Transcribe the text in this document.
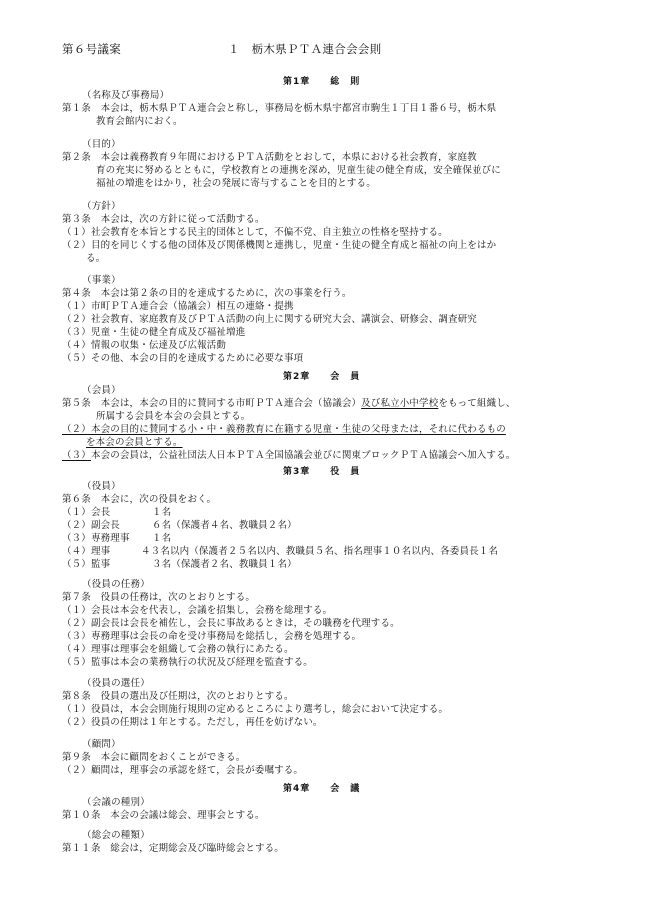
第６号議案	１　栃木県ＰＴＡ連合会会則
第1章　　総　則
（名称及び事務局）
第１条　本会は，栃木県ＰＴＡ連合会と称し，事務局を栃木県宇都宮市駒生１丁目１番６号，栃木県
教育会館内におく。
（目的）
第２条　本会は義務教育９年間におけるＰＴＡ活動をとおして，本県における社会教育，家庭教
育の充実に努めるとともに，学校教育との連携を深め，児童生徒の健全育成，安全確保並びに
福祉の増進をはかり，社会の発展に寄与することを目的とする。
（方針）
第３条　本会は，次の方針に従って活動する。
（１）社会教育を本旨とする民主的団体として，不偏不党、自主独立の性格を堅持する。
（２）目的を同じくする他の団体及び関係機関と連携し，児童・生徒の健全育成と福祉の向上をはか
る。
（事業）
第４条　本会は第２条の目的を達成するために，次の事業を行う。
（１）市町ＰＴＡ連合会（協議会）相互の連絡・提携
（２）社会教育、家庭教育及びＰＴＡ活動の向上に関する研究大会、講演会、研修会、調査研究
（３）児童・生徒の健全育成及び福祉増進
（４）情報の収集・伝達及び広報活動
（５）その他、本会の目的を達成するために必要な事項
第2章　　会　員
（会員）
第５条　本会は，本会の目的に賛同する市町ＰＴＡ連合会（協議会）及び私立小中学校をもって組織し、
所属する会員を本会の会員とする。
（２）本会の目的に賛同する小・中・義務教育に在籍する児童・生徒の父母または，それに代わるもの
を本会の会員とする。
（３）本会の会員は，公益社団法人日本ＰＴＡ全国協議会並びに関東ブロックＰＴＡ協議会へ加入する。
第3章　　役　員
（役員）
第６条　本会に，次の役員をおく。
（１）会長	１名
（２）副会長	６名（保護者４名、教職員２名）
（３）専務理事 １名
（４）理事	４３名以内（保護者２５名以内、教職員５名、指名理事１０名以内、各委員長１名
（５）監事	３名（保護者２名、教職員１名）
（役員の任務）
第７条　役員の任務は，次のとおりとする。
（１）会長は本会を代表し，会議を招集し，会務を総理する。
（２）副会長は会長を補佐し，会長に事故あるときは，その職務を代理する。
（３）専務理事は会長の命を受け事務局を総括し，会務を処理する。
（４）理事は理事会を組織して会務の執行にあたる。
（５）監事は本会の業務執行の状況及び経理を監査する。
（役員の選任）
第８条　役員の選出及び任期は，次のとおりとする。
（１）役員は，本会会則施行規則の定めるところにより選考し，総会において決定する。
（２）役員の任期は１年とする。ただし，再任を妨げない。
（顧問）
第９条　本会に顧問をおくことができる。
（２）顧問は，理事会の承認を経て，会長が委嘱する。
第4章　　会　議
（会議の種別）
第１０条　本会の会議は総会、理事会とする。
（総会の種類）
第１１条　総会は，定期総会及び臨時総会とする。
